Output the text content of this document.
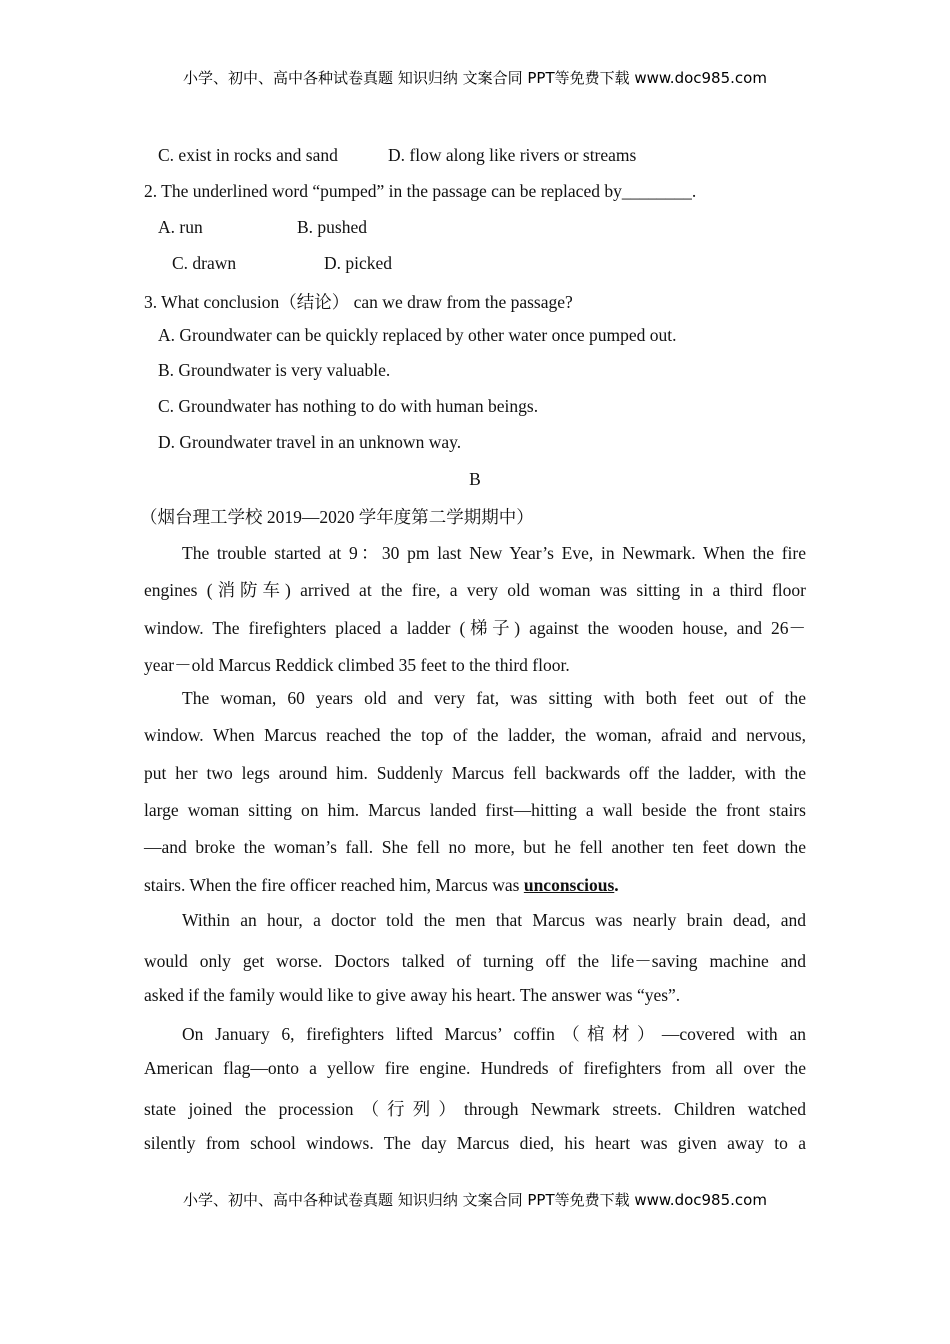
小学、初中、高中各种试卷真题 知识归纳 文案合同 PPT等免费下载 www.doc985.com
C. exist in rocks and sand	D. flow along like rivers or streams
2. The underlined word “pumped” in the passage can be replaced by________.
A. run	B. pushed
C. drawn	D. picked
3. What conclusion（结论） can we draw from the passage?
A. Groundwater can be quickly replaced by other water once pumped out.
B. Groundwater is very valuable.
C. Groundwater has nothing to do with human beings.
D. Groundwater travel in an unknown way.
B
（烟台理工学校 2019—2020 学年度第二学期期中）
The trouble started at 9：30 pm last New Year’s Eve, in Newmark. When the fire
engines (消防车) arrived at the fire, a very old woman was sitting in a third floor
window. The firefighters placed a ladder (梯子) against the wooden house, and 26－
year－old Marcus Reddick climbed 35 feet to the third floor.
The woman, 60 years old and very fat, was sitting with both feet out of the
window. When Marcus reached the top of the ladder, the woman, afraid and nervous,
put her two legs around him. Suddenly Marcus fell backwards off the ladder, with the
large woman sitting on him. Marcus landed first—hitting a wall beside the front stairs
—and broke the woman’s fall. She fell no more, but he fell another ten feet down the
stairs. When the fire officer reached him, Marcus was unconscious.
Within an hour, a doctor told the men that Marcus was nearly brain dead, and
would only get worse. Doctors talked of turning off the life－saving machine and
asked if the family would like to give away his heart. The answer was “yes”.
On January 6, firefighters lifted Marcus’ coffin（棺材）—covered with an
American flag—onto a yellow fire engine. Hundreds of firefighters from all over the
state joined the procession（行列）through Newmark streets. Children watched
silently from school windows. The day Marcus died, his heart was given away to a
小学、初中、高中各种试卷真题 知识归纳 文案合同 PPT等免费下载 www.doc985.com
